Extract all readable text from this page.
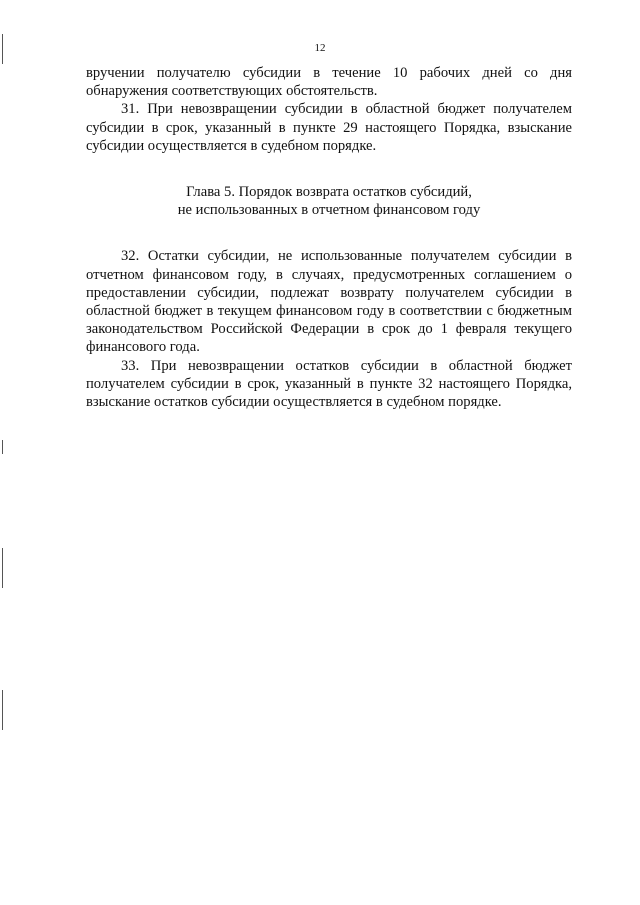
12

вручении получателю субсидии в течение 10 рабочих дней со дня обнаружения соответствующих обстоятельств.

31. При невозвращении субсидии в областной бюджет получателем субсидии в срок, указанный в пункте 29 настоящего Порядка, взыскание субсидии осуществляется в судебном порядке.

Глава 5. Порядок возврата остатков субсидий,
не использованных в отчетном финансовом году

32. Остатки субсидии, не использованные получателем субсидии в отчетном финансовом году, в случаях, предусмотренных соглашением о предоставлении субсидии, подлежат возврату получателем субсидии в областной бюджет в текущем финансовом году в соответствии с бюджетным законодательством Российской Федерации в срок до 1 февраля текущего финансового года.

33. При невозвращении остатков субсидии в областной бюджет получателем субсидии в срок, указанный в пункте 32 настоящего Порядка, взыскание остатков субсидии осуществляется в судебном порядке.
